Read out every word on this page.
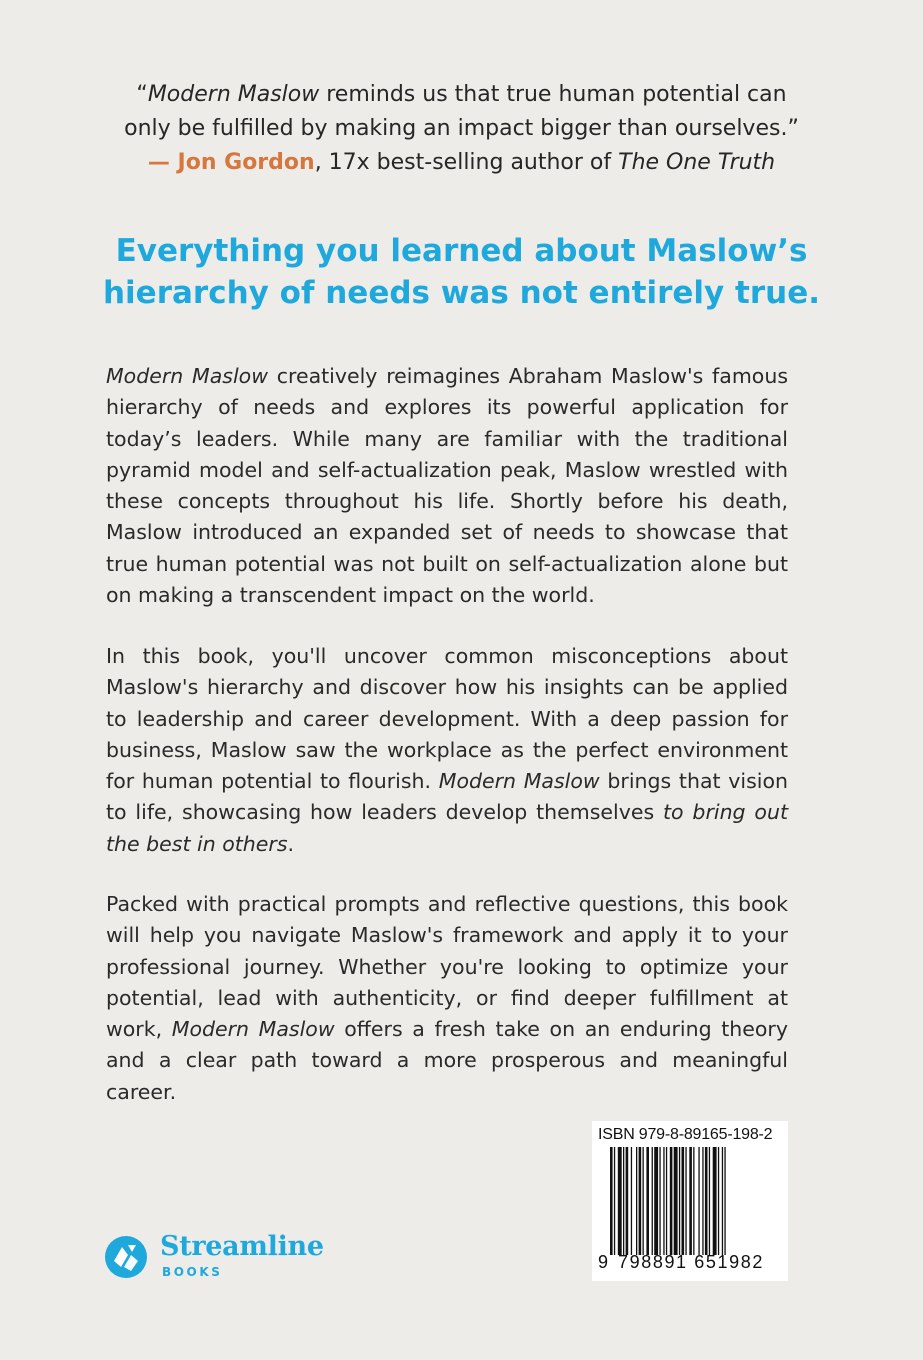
“Modern Maslow reminds us that true human potential can
only be fulfilled by making an impact bigger than ourselves.”
— Jon Gordon, 17x best-selling author of The One Truth
Everything you learned about Maslow’s
hierarchy of needs was not entirely true.

Modern Maslow creatively reimagines Abraham Maslow's famous hierarchy of needs and explores its powerful application for today’s leaders. While many are familiar with the traditional pyramid model and self-actualization peak, Maslow wrestled with these concepts throughout his life. Shortly before his death, Maslow introduced an expanded set of needs to showcase that true human potential was not built on self-actualization alone but on making a transcendent impact on the world.

In this book, you'll uncover common misconceptions about Maslow's hierarchy and discover how his insights can be applied to leadership and career development. With a deep passion for business, Maslow saw the workplace as the perfect environment for human potential to flourish. Modern Maslow brings that vision to life, showcasing how leaders develop themselves to bring out the best in others.

Packed with practical prompts and reflective questions, this book will help you navigate Maslow's framework and apply it to your professional journey. Whether you're looking to optimize your potential, lead with authenticity, or find deeper fulfillment at work, Modern Maslow offers a fresh take on an enduring theory and a clear path toward a more prosperous and meaningful career.

Streamline
BOOKS
ISBN 979-8-89165-198-2
9 798891 651982
